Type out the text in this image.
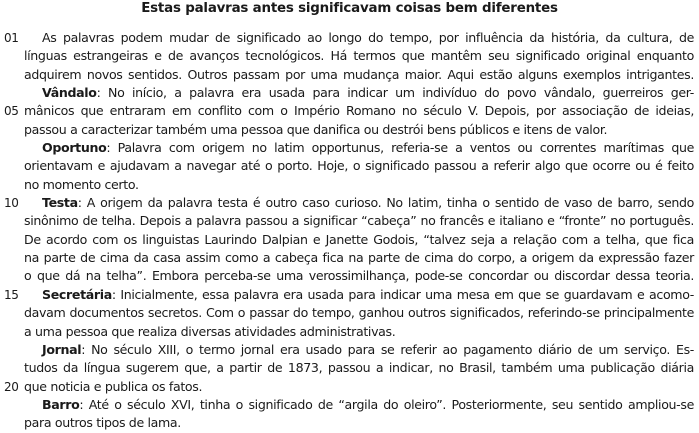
Estas palavras antes significavam coisas bem diferentes
01 As palavras podem mudar de significado ao longo do tempo, por influência da história, da cultura, de
línguas estrangeiras e de avanços tecnológicos. Há termos que mantêm seu significado original enquanto
adquirem novos sentidos. Outros passam por uma mudança maior. Aqui estão alguns exemplos intrigantes.
Vândalo: No início, a palavra era usada para indicar um indivíduo do povo vândalo, guerreiros ger-
05 mânicos que entraram em conflito com o Império Romano no século V. Depois, por associação de ideias,
passou a caracterizar também uma pessoa que danifica ou destrói bens públicos e itens de valor.
Oportuno: Palavra com origem no latim opportunus, referia-se a ventos ou correntes marítimas que
orientavam e ajudavam a navegar até o porto. Hoje, o significado passou a referir algo que ocorre ou é feito
no momento certo.
10 Testa: A origem da palavra testa é outro caso curioso. No latim, tinha o sentido de vaso de barro, sendo
sinônimo de telha. Depois a palavra passou a significar “cabeça” no francês e italiano e “fronte” no português.
De acordo com os linguistas Laurindo Dalpian e Janette Godois, “talvez seja a relação com a telha, que fica
na parte de cima da casa assim como a cabeça fica na parte de cima do corpo, a origem da expressão fazer
o que dá na telha”. Embora perceba-se uma verossimilhança, pode-se concordar ou discordar dessa teoria.
15 Secretária: Inicialmente, essa palavra era usada para indicar uma mesa em que se guardavam e acomo-
davam documentos secretos. Com o passar do tempo, ganhou outros significados, referindo-se principalmente
a uma pessoa que realiza diversas atividades administrativas.
Jornal: No século XIII, o termo jornal era usado para se referir ao pagamento diário de um serviço. Es-
tudos da língua sugerem que, a partir de 1873, passou a indicar, no Brasil, também uma publicação diária
20 que noticia e publica os fatos.
Barro: Até o século XVI, tinha o significado de “argila do oleiro”. Posteriormente, seu sentido ampliou-se
para outros tipos de lama.
